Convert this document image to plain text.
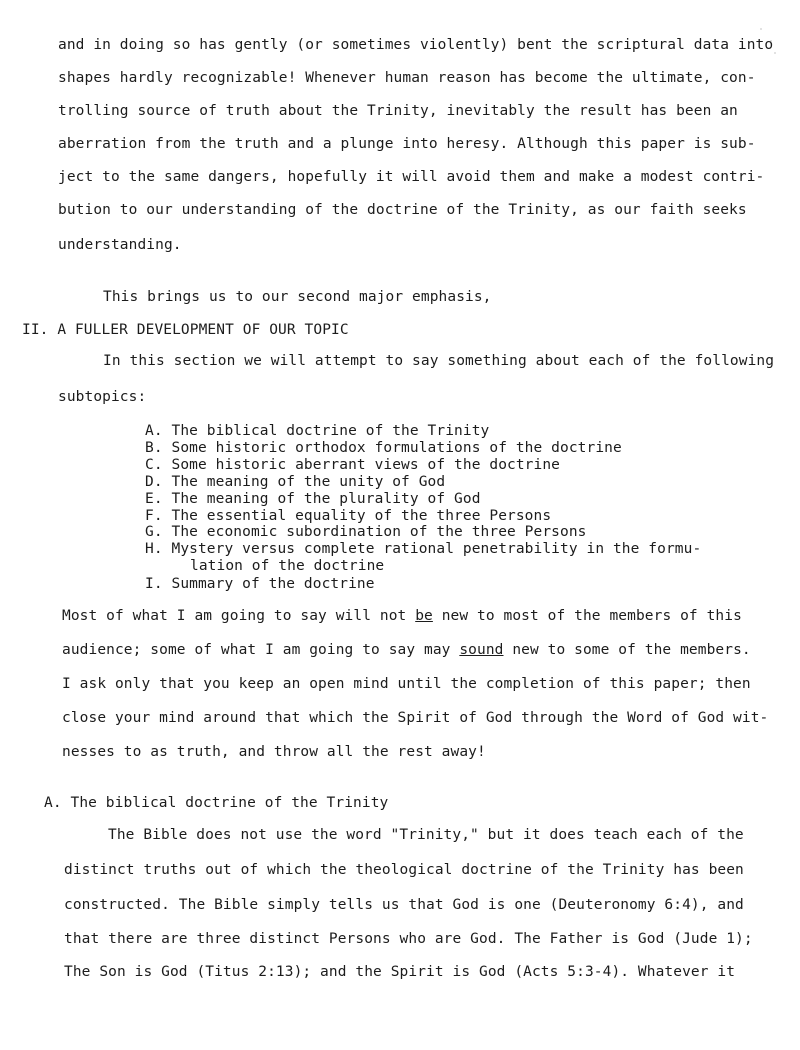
and in doing so has gently (or sometimes violently) bent the scriptural data into
shapes hardly recognizable! Whenever human reason has become the ultimate, con-
trolling source of truth about the Trinity, inevitably the result has been an
aberration from the truth and a plunge into heresy. Although this paper is sub-
ject to the same dangers, hopefully it will avoid them and make a modest contri-
bution to our understanding of the doctrine of the Trinity, as our faith seeks
understanding.
This brings us to our second major emphasis,
II. A FULLER DEVELOPMENT OF OUR TOPIC
In this section we will attempt to say something about each of the following
subtopics:
A. The biblical doctrine of the Trinity
B. Some historic orthodox formulations of the doctrine
C. Some historic aberrant views of the doctrine
D. The meaning of the unity of God
E. The meaning of the plurality of God
F. The essential equality of the three Persons
G. The economic subordination of the three Persons
H. Mystery versus complete rational penetrability in the formu-
lation of the doctrine
I. Summary of the doctrine
Most of what I am going to say will not be new to most of the members of this
audience; some of what I am going to say may sound new to some of the members.
I ask only that you keep an open mind until the completion of this paper; then
close your mind around that which the Spirit of God through the Word of God wit-
nesses to as truth, and throw all the rest away!
A. The biblical doctrine of the Trinity
The Bible does not use the word "Trinity," but it does teach each of the
distinct truths out of which the theological doctrine of the Trinity has been
constructed. The Bible simply tells us that God is one (Deuteronomy 6:4), and
that there are three distinct Persons who are God. The Father is God (Jude 1);
The Son is God (Titus 2:13); and the Spirit is God (Acts 5:3-4). Whatever it
